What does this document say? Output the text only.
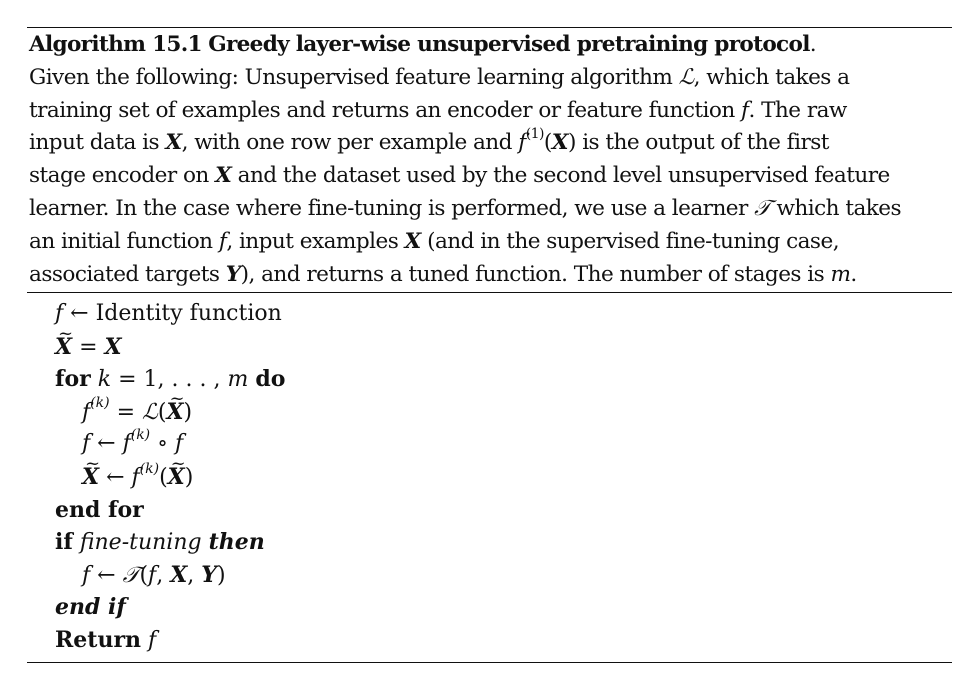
Algorithm 15.1 Greedy layer-wise unsupervised pretraining protocol.
Given the following: Unsupervised feature learning algorithm ℒ, which takes a
training set of examples and returns an encoder or feature function f. The raw
input data is X, with one row per example and $f^{(1)}(X)$ is the output of the first
stage encoder on X and the dataset used by the second level unsupervised feature
learner. In the case where fine-tuning is performed, we use a learner 𝒯 which takes
an initial function f, input examples X (and in the supervised fine-tuning case,
associated targets Y), and returns a tuned function. The number of stages is m.
f ← Identity function
~ X = X
for k = 1, . . . , m do
$f^{(k)}$ = ℒ(~ X)
f ← $f^{(k)}$ ∘ f
~ X ← $f^{(k)}(\sim$ X)
end for
if fine-tuning then
f ← 𝒯(f, X, Y)
end if
Return f
